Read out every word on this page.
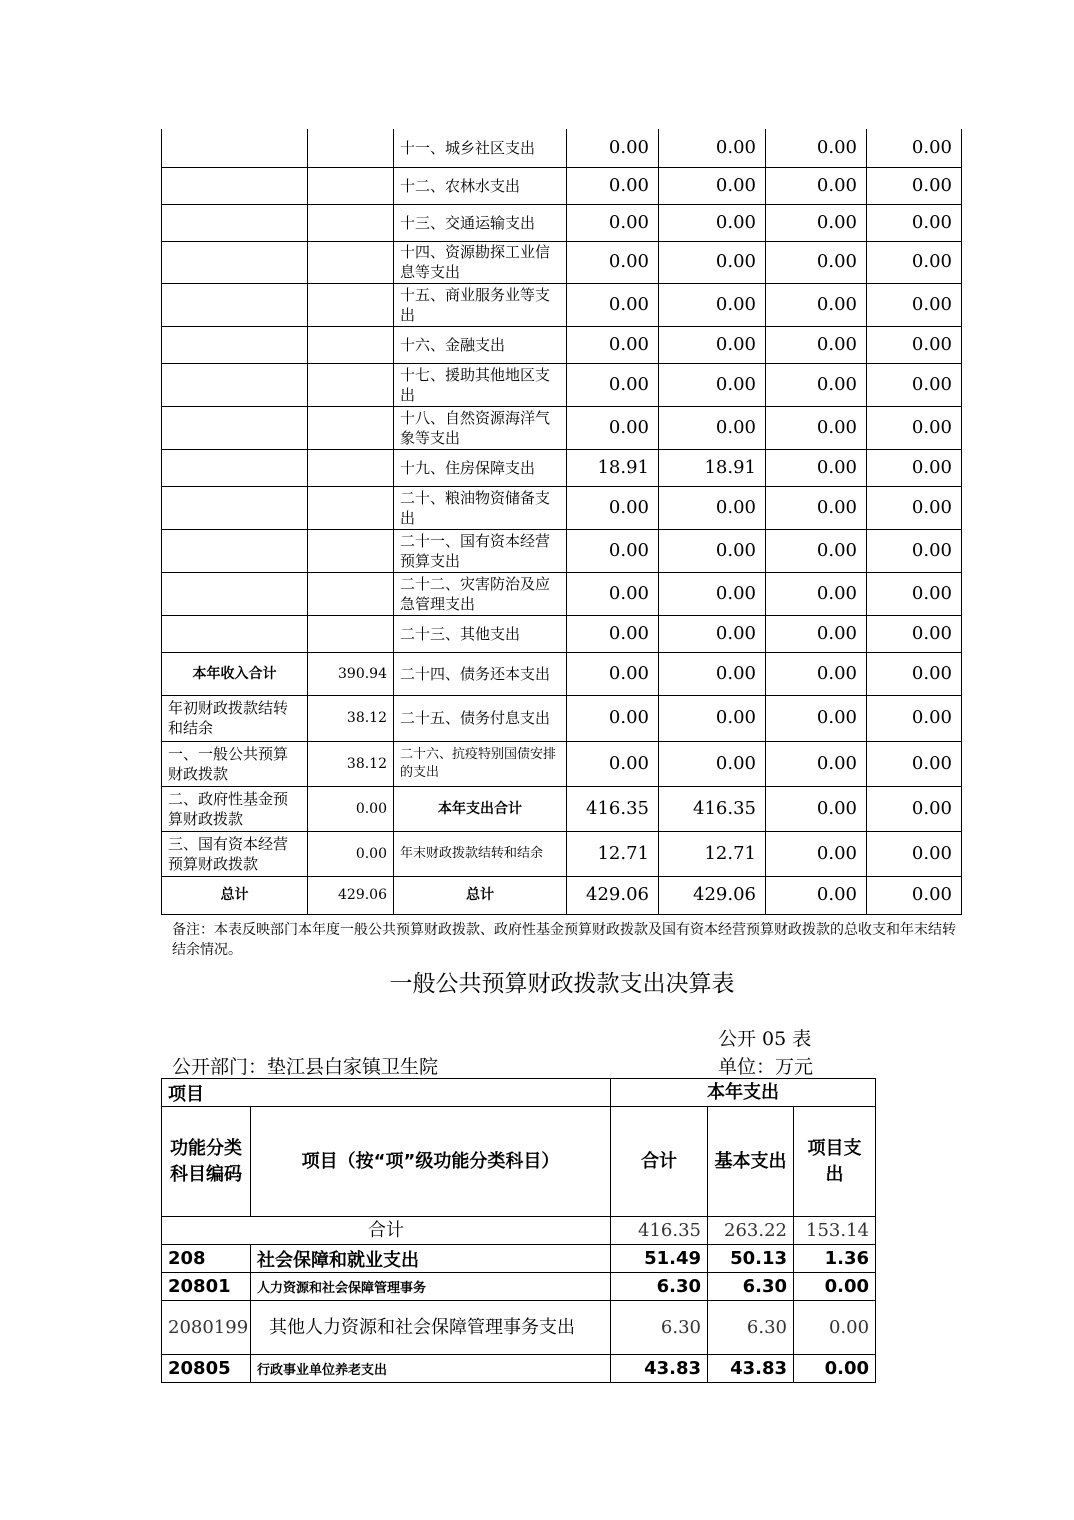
		十一、城乡社区支出	0.00	0.00	0.00	0.00
		十二、农林水支出	0.00	0.00	0.00	0.00
		十三、交通运输支出	0.00	0.00	0.00	0.00
		十四、资源勘探工业信息等支出	0.00	0.00	0.00	0.00
		十五、商业服务业等支出	0.00	0.00	0.00	0.00
		十六、金融支出	0.00	0.00	0.00	0.00
		十七、援助其他地区支出	0.00	0.00	0.00	0.00
		十八、自然资源海洋气象等支出	0.00	0.00	0.00	0.00
		十九、住房保障支出	18.91	18.91	0.00	0.00
		二十、粮油物资储备支出	0.00	0.00	0.00	0.00
		二十一、国有资本经营预算支出	0.00	0.00	0.00	0.00
		二十二、灾害防治及应急管理支出	0.00	0.00	0.00	0.00
		二十三、其他支出	0.00	0.00	0.00	0.00
本年收入合计	390.94	二十四、债务还本支出	0.00	0.00	0.00	0.00
年初财政拨款结转和结余	38.12	二十五、债务付息支出	0.00	0.00	0.00	0.00
一、一般公共预算财政拨款	38.12	二十六、抗疫特别国债安排的支出	0.00	0.00	0.00	0.00
二、政府性基金预算财政拨款	0.00	本年支出合计	416.35	416.35	0.00	0.00
三、国有资本经营预算财政拨款	0.00	年末财政拨款结转和结余	12.71	12.71	0.00	0.00
总计	429.06	总计	429.06	429.06	0.00	0.00
备注：本表反映部门本年度一般公共预算财政拨款、政府性基金预算财政拨款及国有资本经营预算财政拨款的总收支和年末结转结余情况。
一般公共预算财政拨款支出决算表
公开 05 表
公开部门：垫江县白家镇卫生院	单位：万元
项目		本年支出		
功能分类科目编码	项目（按“项”级功能分类科目）	合计	基本支出	项目支出
合计		416.35	263.22	153.14
208	社会保障和就业支出	51.49	50.13	1.36
20801	人力资源和社会保障管理事务	6.30	6.30	0.00
2080199	其他人力资源和社会保障管理事务支出	6.30	6.30	0.00
20805	行政事业单位养老支出	43.83	43.83	0.00
